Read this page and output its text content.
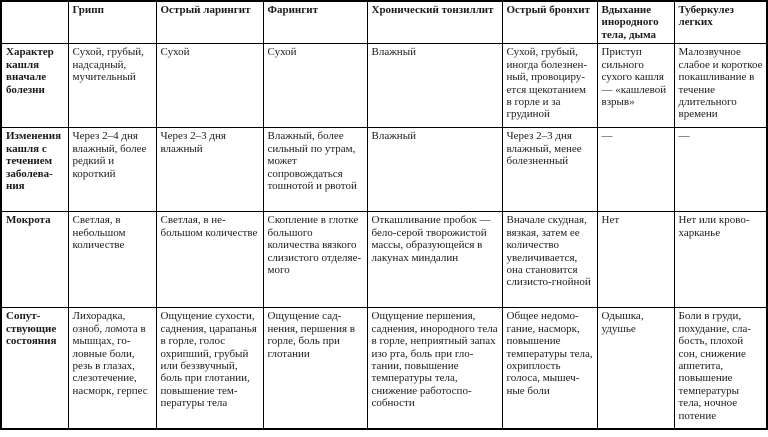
	Грипп	Острый ларингит	Фарингит	Хронический тонзиллит	Острый бронхит	Вдыхание инородного тела, дыма	Туберкулез легких
Характер кашля вначале болезни	Сухой, грубый, надсадный, мучительный	Сухой	Сухой	Влажный	Сухой, грубый, иногда болезненный, провоцируется щекотанием в горле и за грудиной	Приступ сильного сухого кашля — «кашлевой взрыв»	Малозвучное слабое и короткое покашливание в течение длительного времени
Изменения кашля с течением заболевания	Через 2–4 дня влажный, более редкий и короткий	Через 2–3 дня влажный	Влажный, более сильный по утрам, может сопровождаться тошнотой и рвотой	Влажный	Через 2–3 дня влажный, менее болезненный	—	—
Мокрота	Светлая, в небольшом количестве	Светлая, в небольшом количестве	Скопление в глотке большого количества вязкого слизистого отделяемого	Откашливание пробок — бело-серой творожистой массы, образующейся в лакунах миндалин	Вначале скудная, вязкая, затем ее количество увеличивается, она становится слизисто-гнойной	Нет	Нет или кровохарканье
Сопутствующие состояния	Лихорадка, озноб, ломота в мышцах, головные боли, резь в глазах, слезотечение, насморк, герпес	Ощущение сухости, саднения, царапанья в горле, голос охрипший, грубый или беззвучный, боль при глотании, повышение температуры тела	Ощущение саднения, першения в горле, боль при глотании	Ощущение першения, саднения, инородного тела в горле, неприятный запах изо рта, боль при глотании, повышение температуры тела, снижение работоспособности	Общее недомогание, насморк, повышение температуры тела, охриплость голоса, мышечные боли	Одышка, удушье	Боли в груди, похудание, слабость, плохой сон, снижение аппетита, повышение температуры тела, ночное потение
